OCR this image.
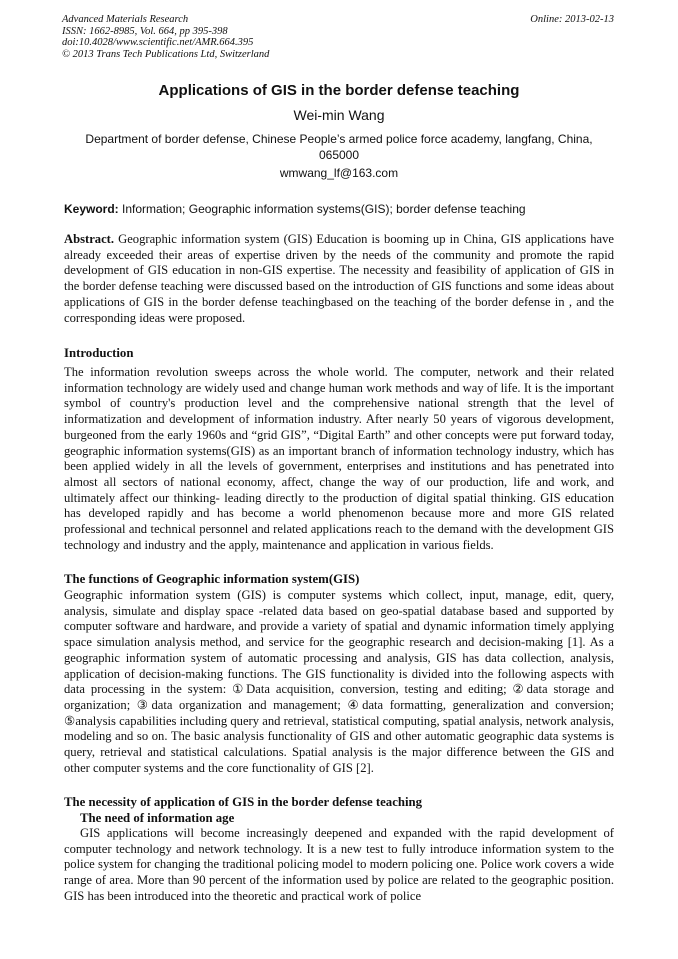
Advanced Materials Research
ISSN: 1662-8985, Vol. 664, pp 395-398
doi:10.4028/www.scientific.net/AMR.664.395
© 2013 Trans Tech Publications Ltd, Switzerland
Online: 2013-02-13
Applications of GIS in the border defense teaching
Wei-min Wang
Department of border defense, Chinese People’s armed police force academy, langfang, China, 065000
wmwang_lf@163.com
Keyword: Information; Geographic information systems(GIS); border defense teaching
Abstract. Geographic information system (GIS) Education is booming up in China, GIS applications have already exceeded their areas of expertise driven by the needs of the community and promote the rapid development of GIS education in non-GIS expertise. The necessity and feasibility of application of GIS in the border defense teaching were discussed based on the introduction of GIS functions and some ideas about applications of GIS in the border defense teachingbased on the teaching of the border defense in , and the corresponding ideas were proposed.
Introduction
The information revolution sweeps across the whole world. The computer, network and their related information technology are widely used and change human work methods and way of life. It is the important symbol of country's production level and the comprehensive national strength that the level of informatization and development of information industry. After nearly 50 years of vigorous development, burgeoned from the early 1960s and “grid GIS”, “Digital Earth” and other concepts were put forward today, geographic information systems(GIS) as an important branch of information technology industry, which has been applied widely in all the levels of government, enterprises and institutions and has penetrated into almost all sectors of national economy, affect, change the way of our production, life and work, and ultimately affect our thinking- leading directly to the production of digital spatial thinking. GIS education has developed rapidly and has become a world phenomenon because more and more GIS related professional and technical personnel and related applications reach to the demand with the development GIS technology and industry and the apply, maintenance and application in various fields.
The functions of Geographic information system(GIS)
Geographic information system (GIS) is computer systems which collect, input, manage, edit, query, analysis, simulate and display space -related data based on geo-spatial database based and supported by computer software and hardware, and provide a variety of spatial and dynamic information timely applying space simulation analysis method, and service for the geographic research and decision-making [1]. As a geographic information system of automatic processing and analysis, GIS has data collection, analysis, application of decision-making functions. The GIS functionality is divided into the following aspects with data processing in the system: ①Data acquisition, conversion, testing and editing; ②data storage and organization; ③data organization and management; ④data formatting, generalization and conversion; ⑤analysis capabilities including query and retrieval, statistical computing, spatial analysis, network analysis, modeling and so on. The basic analysis functionality of GIS and other automatic geographic data systems is query, retrieval and statistical calculations. Spatial analysis is the major difference between the GIS and other computer systems and the core functionality of GIS [2].
The necessity of application of GIS in the border defense teaching
The need of information age
GIS applications will become increasingly deepened and expanded with the rapid development of computer technology and network technology. It is a new test to fully introduce information system to the police system for changing the traditional policing model to modern policing one. Police work covers a wide range of area. More than 90 percent of the information used by police are related to the geographic position. GIS has been introduced into the theoretic and practical work of police
